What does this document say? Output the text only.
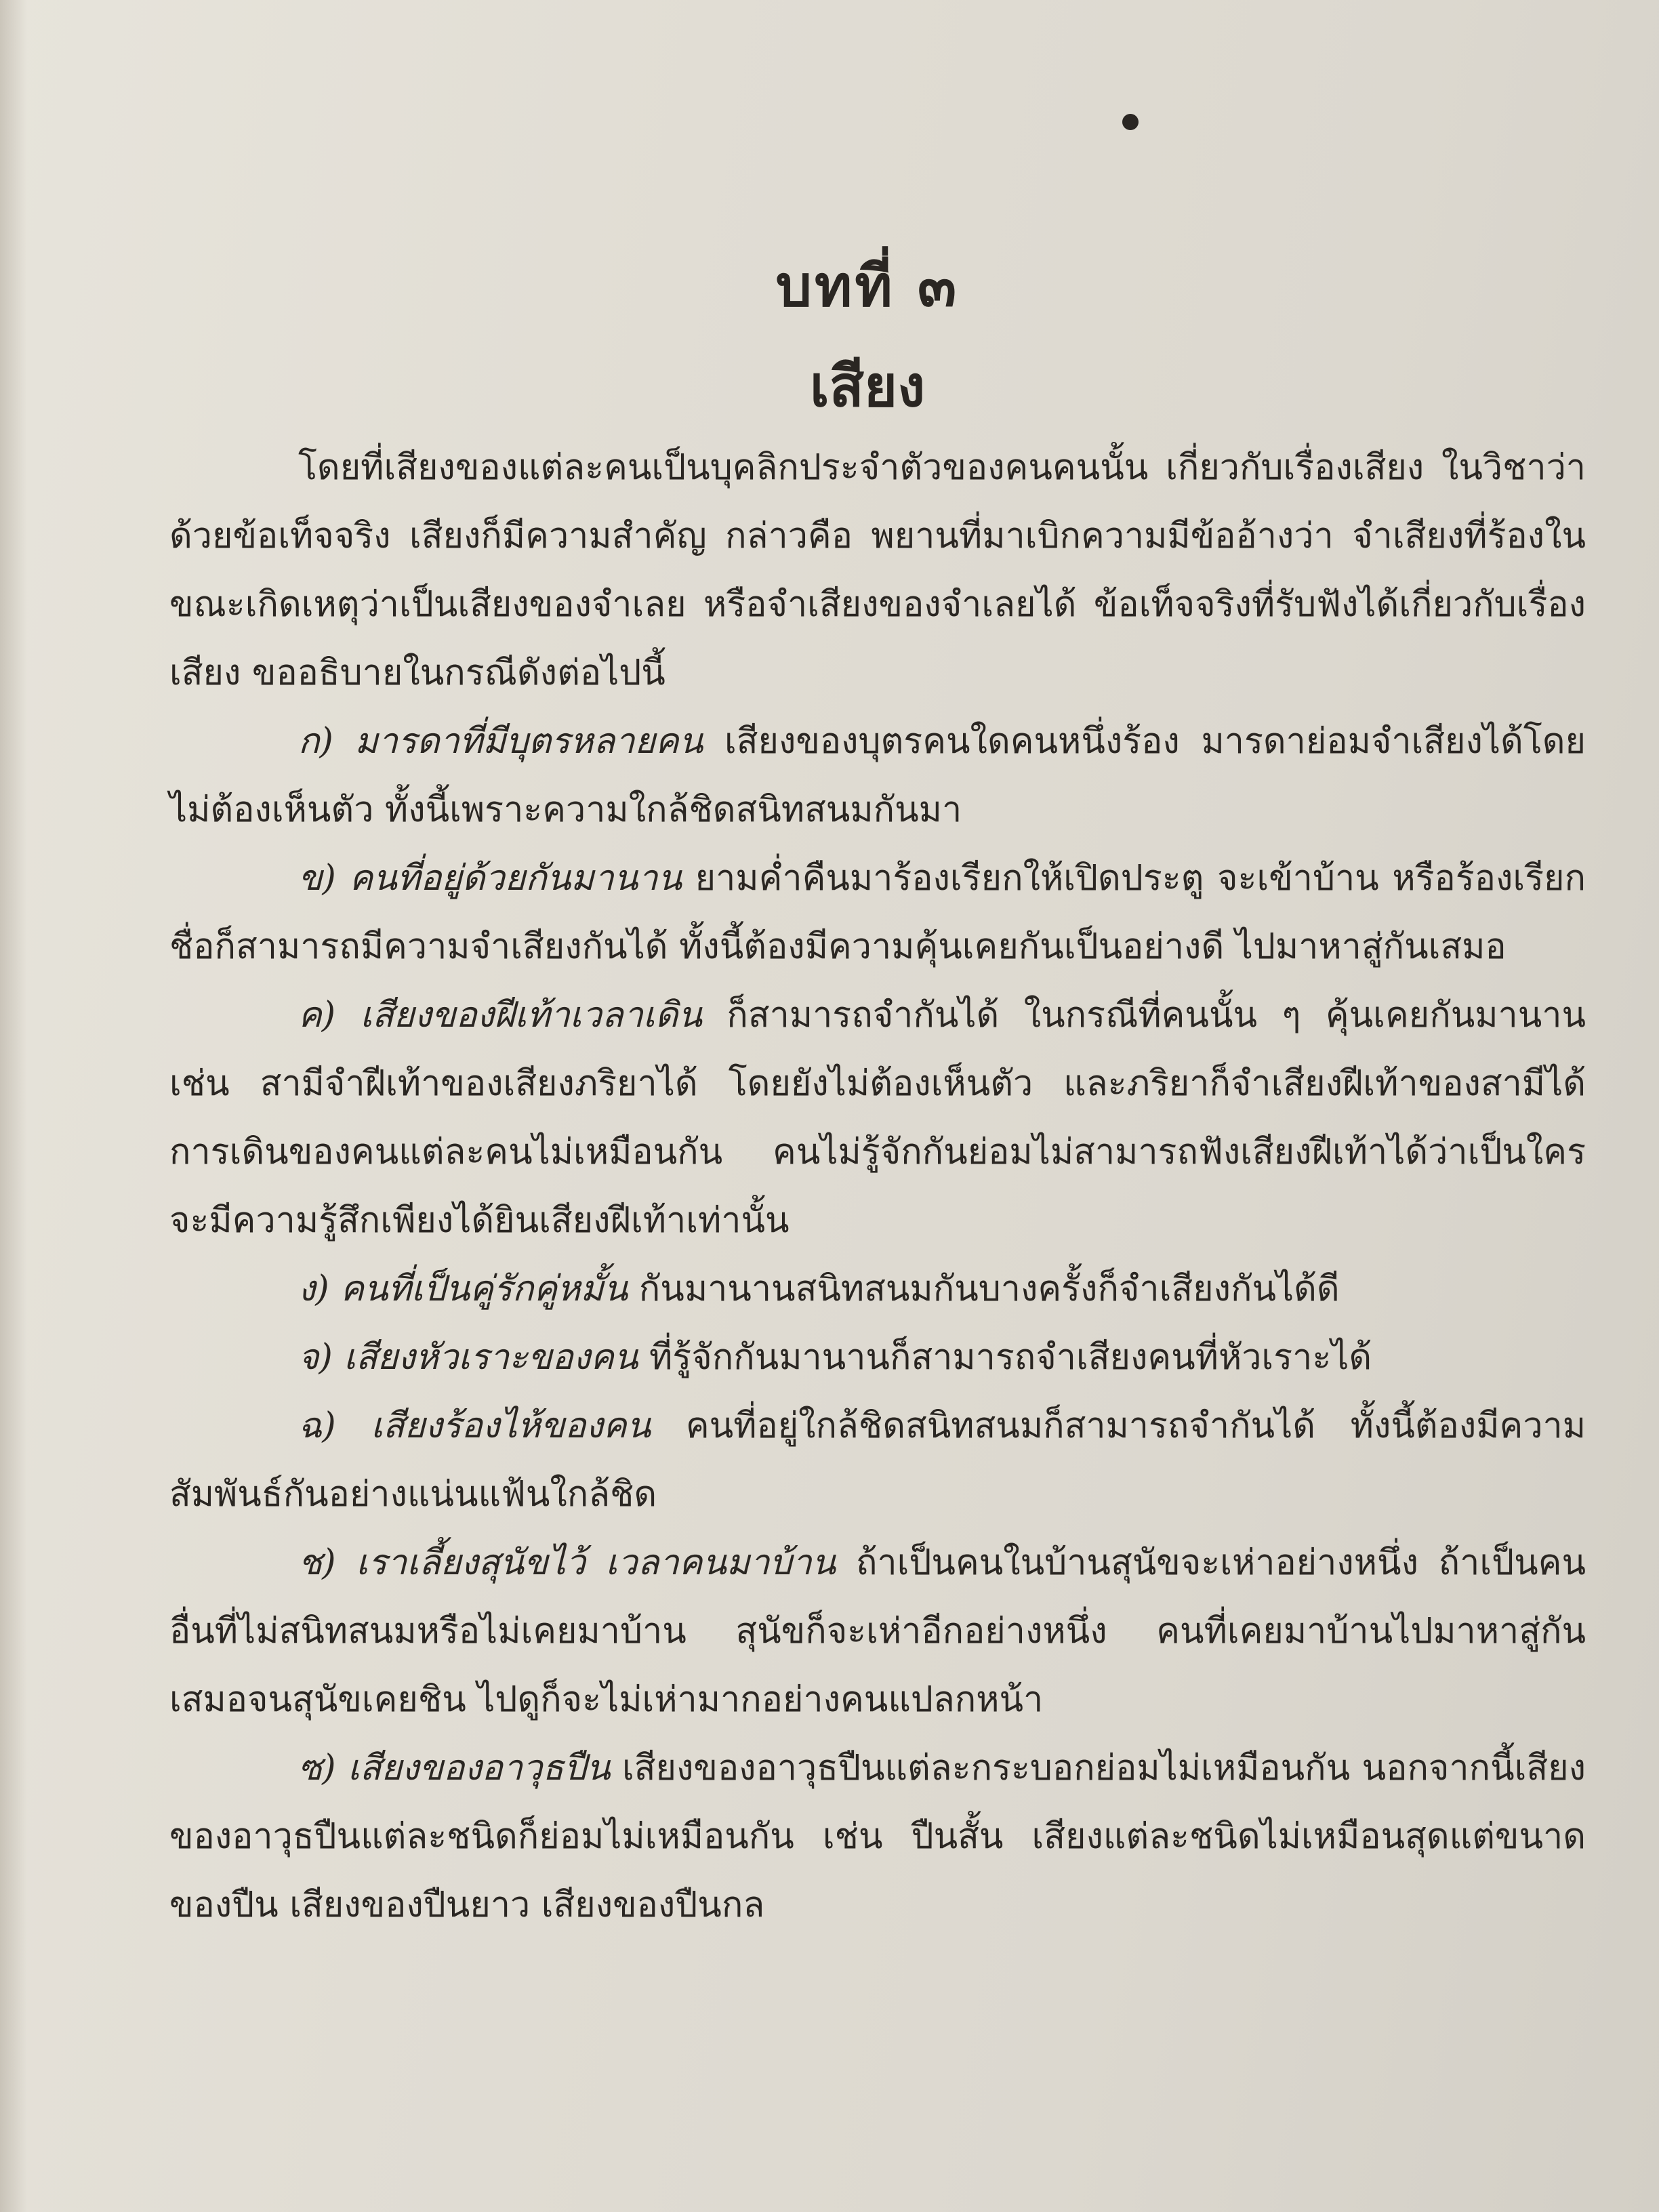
บทที่ ๓
เสียง

โดยที่เสียงของแต่ละคนเป็นบุคลิกประจำตัวของคนคนนั้น เกี่ยวกับเรื่องเสียง ในวิชาว่าด้วยข้อเท็จจริง เสียงก็มีความสำคัญ กล่าวคือ พยานที่มาเบิกความมีข้ออ้างว่า จำเสียงที่ร้องในขณะเกิดเหตุว่าเป็นเสียงของจำเลย หรือจำเสียงของจำเลยได้ ข้อเท็จจริงที่รับฟังได้เกี่ยวกับเรื่องเสียง ขออธิบายในกรณีดังต่อไปนี้

ก) มารดาที่มีบุตรหลายคน เสียงของบุตรคนใดคนหนึ่งร้อง มารดาย่อมจำเสียงได้โดยไม่ต้องเห็นตัว ทั้งนี้เพราะความใกล้ชิดสนิทสนมกันมา

ข) คนที่อยู่ด้วยกันมานาน ยามค่ำคืนมาร้องเรียกให้เปิดประตู จะเข้าบ้าน หรือร้องเรียกชื่อก็สามารถมีความจำเสียงกันได้ ทั้งนี้ต้องมีความคุ้นเคยกันเป็นอย่างดี ไปมาหาสู่กันเสมอ

ค) เสียงของฝีเท้าเวลาเดิน ก็สามารถจำกันได้ ในกรณีที่คนนั้น ๆ คุ้นเคยกันมานาน เช่น สามีจำฝีเท้าของเสียงภริยาได้ โดยยังไม่ต้องเห็นตัว และภริยาก็จำเสียงฝีเท้าของสามีได้ การเดินของคนแต่ละคนไม่เหมือนกัน คนไม่รู้จักกันย่อมไม่สามารถฟังเสียงฝีเท้าได้ว่าเป็นใคร จะมีความรู้สึกเพียงได้ยินเสียงฝีเท้าเท่านั้น

ง) คนที่เป็นคู่รักคู่หมั้น กันมานานสนิทสนมกันบางครั้งก็จำเสียงกันได้ดี

จ) เสียงหัวเราะของคน ที่รู้จักกันมานานก็สามารถจำเสียงคนที่หัวเราะได้

ฉ) เสียงร้องไห้ของคน คนที่อยู่ใกล้ชิดสนิทสนมก็สามารถจำกันได้ ทั้งนี้ต้องมีความสัมพันธ์กันอย่างแน่นแฟ้นใกล้ชิด

ช) เราเลี้ยงสุนัขไว้ เวลาคนมาบ้าน ถ้าเป็นคนในบ้านสุนัขจะเห่าอย่างหนึ่ง ถ้าเป็นคนอื่นที่ไม่สนิทสนมหรือไม่เคยมาบ้าน สุนัขก็จะเห่าอีกอย่างหนึ่ง คนที่เคยมาบ้านไปมาหาสู่กันเสมอจนสุนัขเคยชิน ไปดูก็จะไม่เห่ามากอย่างคนแปลกหน้า

ซ) เสียงของอาวุธปืน เสียงของอาวุธปืนแต่ละกระบอกย่อมไม่เหมือนกัน นอกจากนี้เสียงของอาวุธปืนแต่ละชนิดก็ย่อมไม่เหมือนกัน เช่น ปืนสั้น เสียงแต่ละชนิดไม่เหมือนสุดแต่ขนาดของปืน เสียงของปืนยาว เสียงของปืนกล
